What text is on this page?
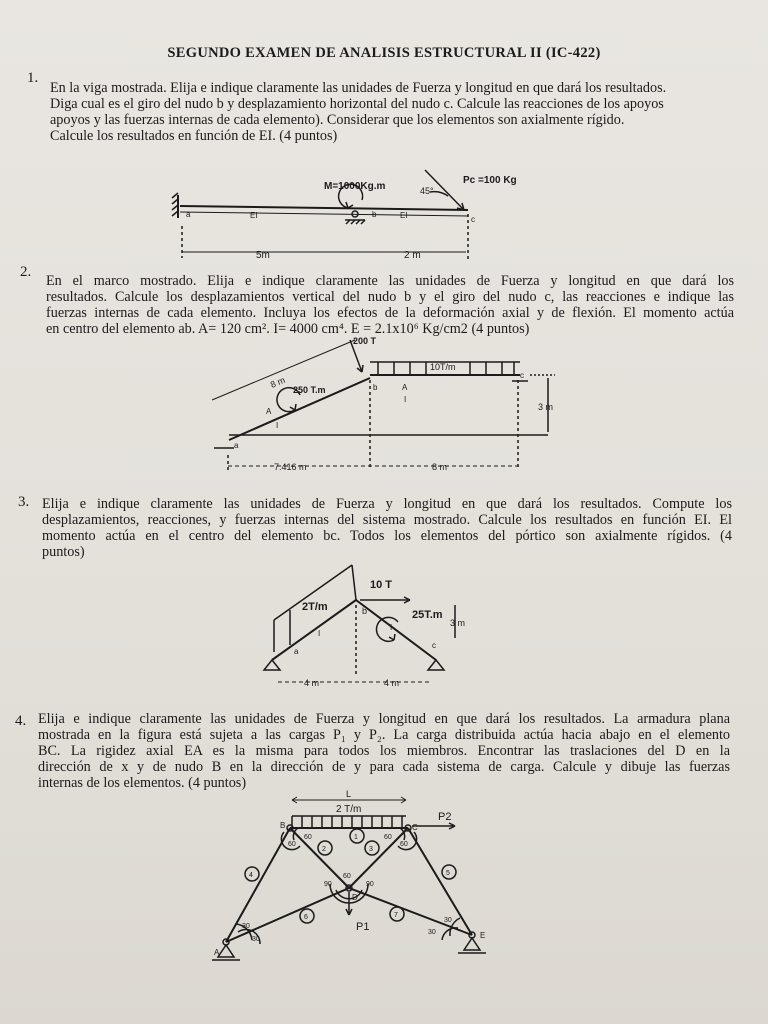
SEGUNDO EXAMEN DE ANALISIS ESTRUCTURAL II (IC-422)
1.

En la viga mostrada. Elija e indique claramente las unidades de Fuerza y longitud en que dará los resultados.

Diga cual es el giro del nudo b y desplazamiento horizontal del nudo c. Calcule las reacciones de los apoyos

apoyos y las fuerzas internas de cada elemento). Considerar que los elementos son axialmente rígido.

Calcule los resultados en función de EI. (4 puntos)

2.

En el marco mostrado. Elija e indique claramente las unidades de Fuerza y longitud en que dará los

resultados. Calcule los desplazamientos vertical del nudo b y el giro del nudo c, las reacciones e indique las

fuerzas internas de cada elemento. Incluya los efectos de la deformación axial y de flexión. El momento actúa

en centro del elemento ab. A= 120 cm². I= 4000 cm⁴. E = 2.1x10⁶ Kg/cm2 (4 puntos)

3. Elija e indique claramente las unidades de Fuerza y longitud en que dará los resultados. Compute los

desplazamientos, reacciones, y fuerzas internas del sistema mostrado. Calcule los resultados en función EI. El

momento actúa en el centro del elemento bc. Todos los elementos del pórtico son axialmente rígidos. (4

puntos)

4. Elija e indique claramente las unidades de Fuerza y longitud en que dará los resultados. La armadura plana

mostrada en la figura está sujeta a las cargas P₁ y P₂. La carga distribuida actúa hacia abajo en el elemento

BC. La rigidez axial EA es la misma para todos los miembros. Encontrar las traslaciones del D en la

dirección de x y de nudo B en la dirección de y para cada sistema de carga. Calcule y dibuje las fuerzas

internas de los elementos. (4 puntos)

M=1000Kg.m
Pc =100 Kg
45°
a	b
c
EI	EI
5m	2 m
200 T
10T/m
250 T.m
8 m
7.416 m	8 m
3 m
a
b
c
A
A
I
I
2T/m
10 T
25T.m
3 m
4 m	4 m
a
b
c
I
I
L
2 T/m
P2
P1
B	C
D
A
E
1
2	3
4	5
6	7
60
60
60
60
90
60
90
30
30
30
30
